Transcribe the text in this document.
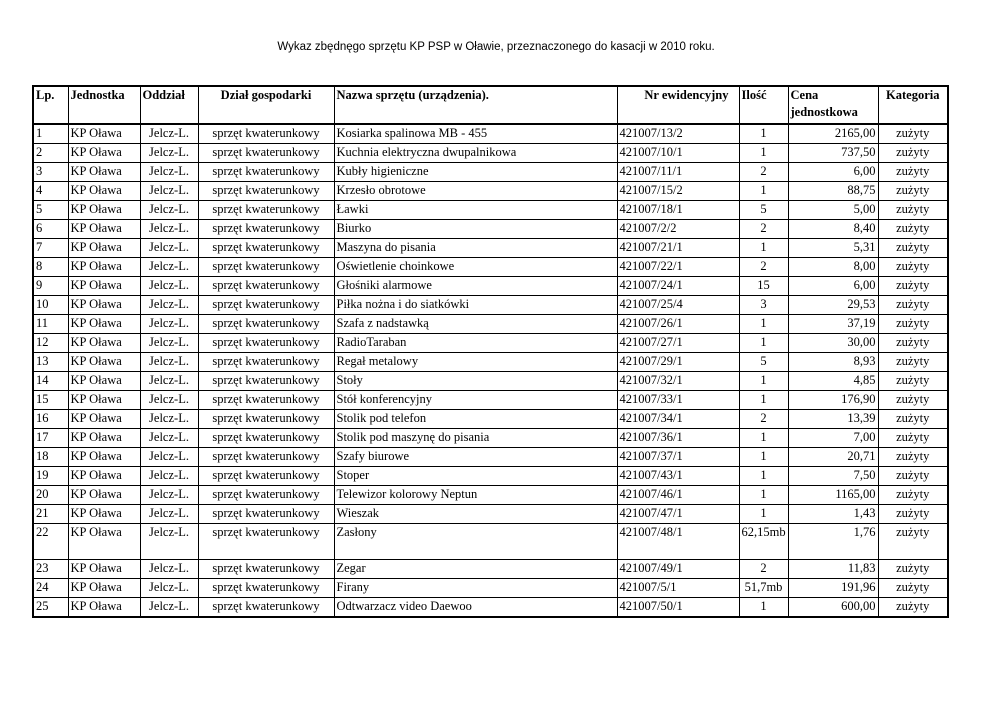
Wykaz zbędnęgo sprzętu KP PSP w Oławie, przeznaczonego do kasacji w 2010 roku.
Lp.	Jednostka	Oddział	Dział gospodarki	Nazwa sprzętu (urządzenia).	Nr ewidencyjny	Ilość	Cena jednostkowa	Kategoria
1	KP Oława	Jelcz-L.	sprzęt kwaterunkowy	Kosiarka spalinowa MB - 455	421007/13/2	1	2165,00	zużyty
2	KP Oława	Jelcz-L.	sprzęt kwaterunkowy	Kuchnia elektryczna dwupalnikowa	421007/10/1	1	737,50	zużyty
3	KP Oława	Jelcz-L.	sprzęt kwaterunkowy	Kubły higieniczne	421007/11/1	2	6,00	zużyty
4	KP Oława	Jelcz-L.	sprzęt kwaterunkowy	Krzesło obrotowe	421007/15/2	1	88,75	zużyty
5	KP Oława	Jelcz-L.	sprzęt kwaterunkowy	Ławki	421007/18/1	5	5,00	zużyty
6	KP Oława	Jelcz-L.	sprzęt kwaterunkowy	Biurko	421007/2/2	2	8,40	zużyty
7	KP Oława	Jelcz-L.	sprzęt kwaterunkowy	Maszyna do pisania	421007/21/1	1	5,31	zużyty
8	KP Oława	Jelcz-L.	sprzęt kwaterunkowy	Oświetlenie choinkowe	421007/22/1	2	8,00	zużyty
9	KP Oława	Jelcz-L.	sprzęt kwaterunkowy	Głośniki alarmowe	421007/24/1	15	6,00	zużyty
10	KP Oława	Jelcz-L.	sprzęt kwaterunkowy	Piłka nożna i do siatkówki	421007/25/4	3	29,53	zużyty
11	KP Oława	Jelcz-L.	sprzęt kwaterunkowy	Szafa z nadstawką	421007/26/1	1	37,19	zużyty
12	KP Oława	Jelcz-L.	sprzęt kwaterunkowy	RadioTaraban	421007/27/1	1	30,00	zużyty
13	KP Oława	Jelcz-L.	sprzęt kwaterunkowy	Regał metalowy	421007/29/1	5	8,93	zużyty
14	KP Oława	Jelcz-L.	sprzęt kwaterunkowy	Stoły	421007/32/1	1	4,85	zużyty
15	KP Oława	Jelcz-L.	sprzęt kwaterunkowy	Stół konferencyjny	421007/33/1	1	176,90	zużyty
16	KP Oława	Jelcz-L.	sprzęt kwaterunkowy	Stolik pod telefon	421007/34/1	2	13,39	zużyty
17	KP Oława	Jelcz-L.	sprzęt kwaterunkowy	Stolik pod maszynę do pisania	421007/36/1	1	7,00	zużyty
18	KP Oława	Jelcz-L.	sprzęt kwaterunkowy	Szafy biurowe	421007/37/1	1	20,71	zużyty
19	KP Oława	Jelcz-L.	sprzęt kwaterunkowy	Stoper	421007/43/1	1	7,50	zużyty
20	KP Oława	Jelcz-L.	sprzęt kwaterunkowy	Telewizor kolorowy Neptun	421007/46/1	1	1165,00	zużyty
21	KP Oława	Jelcz-L.	sprzęt kwaterunkowy	Wieszak	421007/47/1	1	1,43	zużyty
22	KP Oława	Jelcz-L.	sprzęt kwaterunkowy	Zasłony	421007/48/1	62,15mb	1,76	zużyty
23	KP Oława	Jelcz-L.	sprzęt kwaterunkowy	Zegar	421007/49/1	2	11,83	zużyty
24	KP Oława	Jelcz-L.	sprzęt kwaterunkowy	Firany	421007/5/1	51,7mb	191,96	zużyty
25	KP Oława	Jelcz-L.	sprzęt kwaterunkowy	Odtwarzacz video Daewoo	421007/50/1	1	600,00	zużyty
